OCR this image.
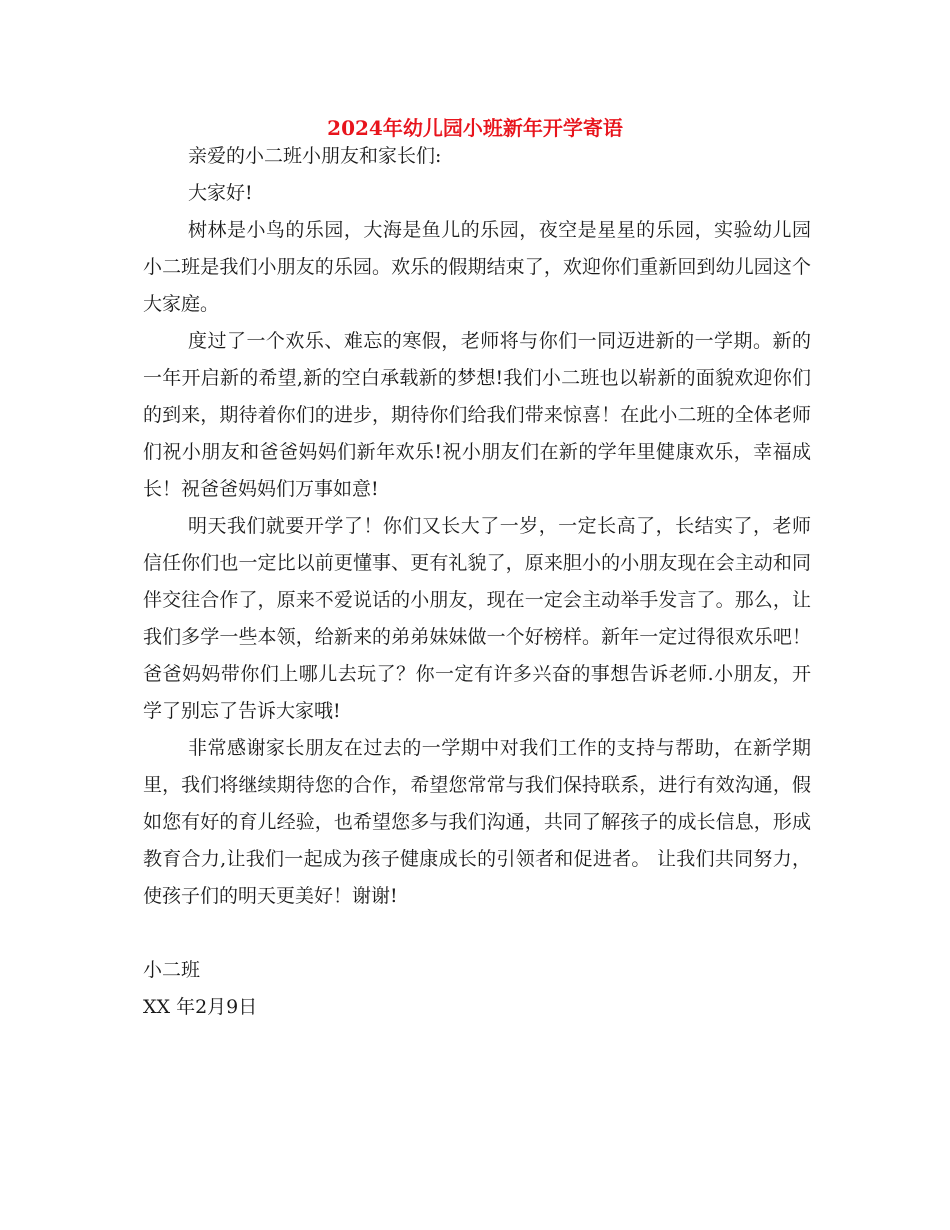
2024年幼儿园小班新年开学寄语

亲爱的小二班小朋友和家长们:

大家好!

树林是小鸟的乐园，大海是鱼儿的乐园，夜空是星星的乐园，实验幼儿园小二班是我们小朋友的乐园。欢乐的假期结束了，欢迎你们重新回到幼儿园这个大家庭。

度过了一个欢乐、难忘的寒假，老师将与你们一同迈进新的一学期。新的一年开启新的希望,新的空白承载新的梦想!我们小二班也以崭新的面貌欢迎你们的到来，期待着你们的进步，期待你们给我们带来惊喜！在此小二班的全体老师们祝小朋友和爸爸妈妈们新年欢乐!祝小朋友们在新的学年里健康欢乐，幸福成长！祝爸爸妈妈们万事如意!

明天我们就要开学了！你们又长大了一岁，一定长高了，长结实了，老师信任你们也一定比以前更懂事、更有礼貌了，原来胆小的小朋友现在会主动和同伴交往合作了，原来不爱说话的小朋友，现在一定会主动举手发言了。那么，让我们多学一些本领，给新来的弟弟妹妹做一个好榜样。新年一定过得很欢乐吧！爸爸妈妈带你们上哪儿去玩了？你一定有许多兴奋的事想告诉老师.小朋友，开学了别忘了告诉大家哦!

非常感谢家长朋友在过去的一学期中对我们工作的支持与帮助，在新学期里，我们将继续期待您的合作，希望您常常与我们保持联系，进行有效沟通，假如您有好的育儿经验，也希望您多与我们沟通，共同了解孩子的成长信息，形成教育合力,让我们一起成为孩子健康成长的引领者和促进者。 让我们共同努力，使孩子们的明天更美好！谢谢!

小二班

XX 年2月9日
